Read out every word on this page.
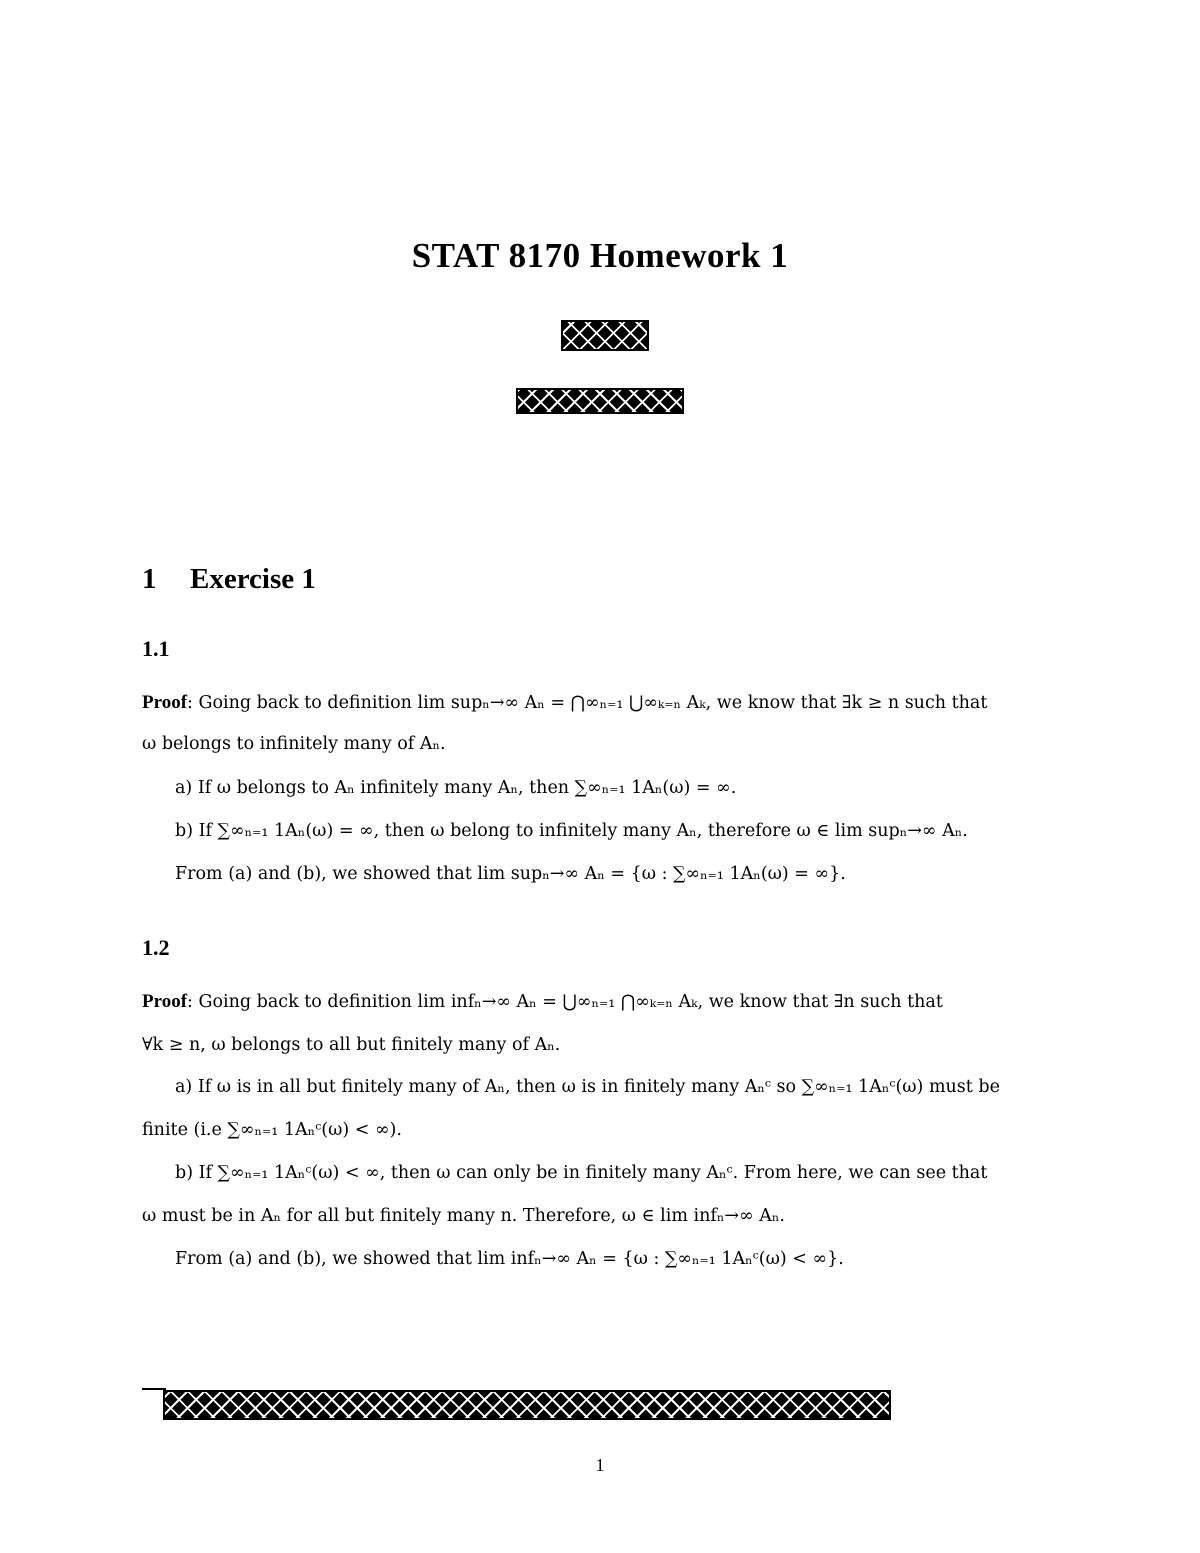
STAT 8170 Homework 1
1 Exercise 1
1.1
Proof: Going back to definition lim supₙ→∞ Aₙ = ⋂∞ₙ₌₁ ⋃∞ₖ₌ₙ Aₖ, we know that ∃k ≥ n such that
ω belongs to infinitely many of Aₙ.
a) If ω belongs to Aₙ infinitely many Aₙ, then ∑∞ₙ₌₁ 1Aₙ(ω) = ∞.
b) If ∑∞ₙ₌₁ 1Aₙ(ω) = ∞, then ω belong to infinitely many Aₙ, therefore ω ∈ lim supₙ→∞ Aₙ.
From (a) and (b), we showed that lim supₙ→∞ Aₙ = {ω : ∑∞ₙ₌₁ 1Aₙ(ω) = ∞}.
1.2
Proof: Going back to definition lim infₙ→∞ Aₙ = ⋃∞ₙ₌₁ ⋂∞ₖ₌ₙ Aₖ, we know that ∃n such that
∀k ≥ n, ω belongs to all but finitely many of Aₙ.
a) If ω is in all but finitely many of Aₙ, then ω is in finitely many Aₙᶜ so ∑∞ₙ₌₁ 1Aₙᶜ(ω) must be
finite (i.e ∑∞ₙ₌₁ 1Aₙᶜ(ω) < ∞).
b) If ∑∞ₙ₌₁ 1Aₙᶜ(ω) < ∞, then ω can only be in finitely many Aₙᶜ. From here, we can see that
ω must be in Aₙ for all but finitely many n. Therefore, ω ∈ lim infₙ→∞ Aₙ.
From (a) and (b), we showed that lim infₙ→∞ Aₙ = {ω : ∑∞ₙ₌₁ 1Aₙᶜ(ω) < ∞}.
1
